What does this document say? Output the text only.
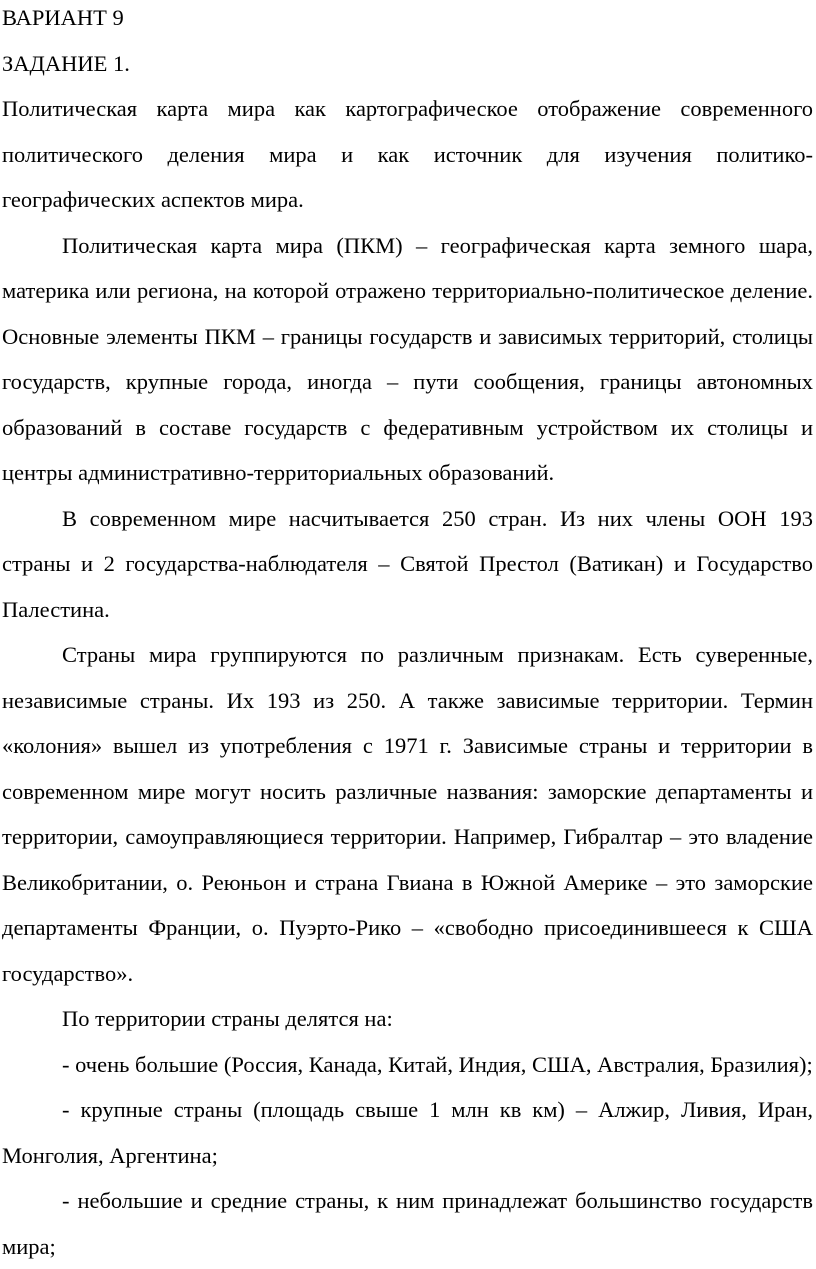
ВАРИАНТ 9

ЗАДАНИЕ 1.

Политическая карта мира как картографическое отображение современного политического деления мира и как источник для изучения политико-географических аспектов мира.

Политическая карта мира (ПКМ) – географическая карта земного шара, материка или региона, на которой отражено территориально-политическое деление. Основные элементы ПКМ – границы государств и зависимых территорий, столицы государств, крупные города, иногда – пути сообщения, границы автономных образований в составе государств с федеративным устройством их столицы и центры административно-территориальных образований.

В современном мире насчитывается 250 стран. Из них члены ООН 193 страны и 2 государства-наблюдателя – Святой Престол (Ватикан) и Государство Палестина.

Страны мира группируются по различным признакам. Есть суверенные, независимые страны. Их 193 из 250. А также зависимые территории. Термин «колония» вышел из употребления с 1971 г. Зависимые страны и территории в современном мире могут носить различные названия: заморские департаменты и территории, самоуправляющиеся территории. Например, Гибралтар – это владение Великобритании, о. Реюньон и страна Гвиана в Южной Америке – это заморские департаменты Франции, о. Пуэрто-Рико – «свободно присоединившееся к США государство».

По территории страны делятся на:

- очень большие (Россия, Канада, Китай, Индия, США, Австралия, Бразилия);

- крупные страны (площадь свыше 1 млн кв км) – Алжир, Ливия, Иран, Монголия, Аргентина;

- небольшие и средние страны, к ним принадлежат большинство государств мира;
